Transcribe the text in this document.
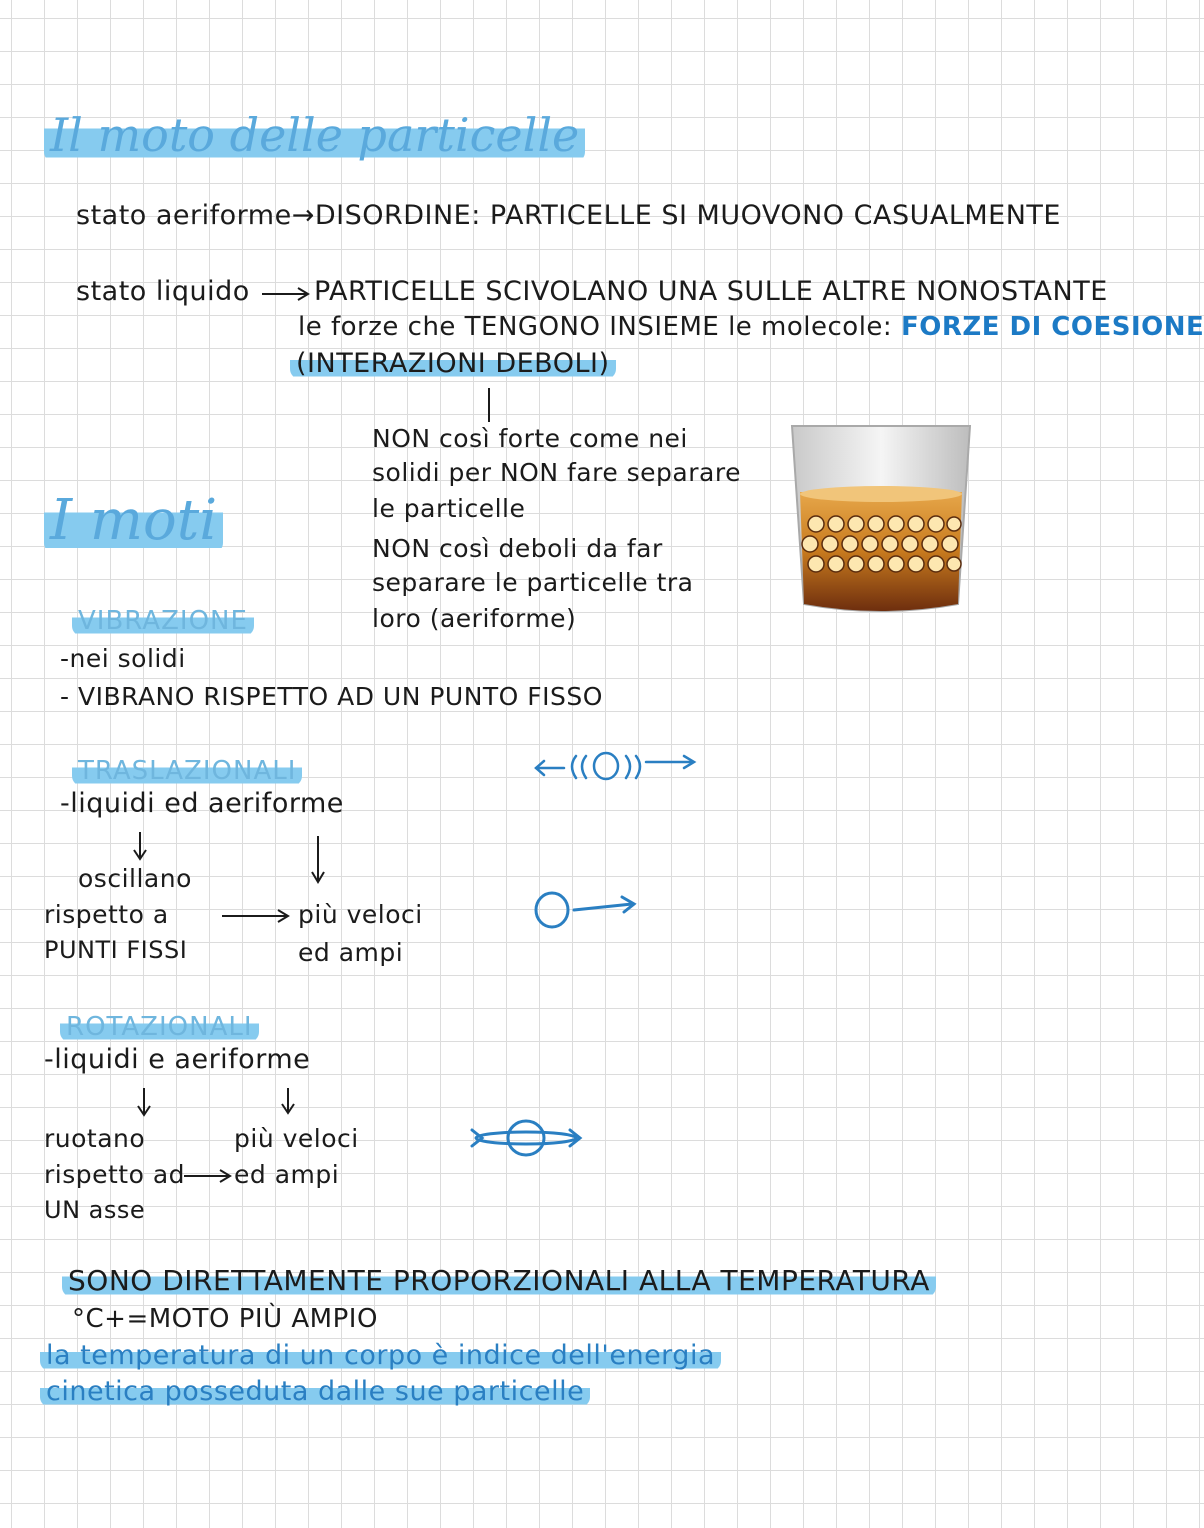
Il moto delle particelle
stato aeriforme→DISORDINE: PARTICELLE SI MUOVONO CASUALMENTE
stato liquido PARTICELLE SCIVOLANO UNA SULLE ALTRE NONOSTANTE
le forze che TENGONO INSIEME le molecole: FORZE DI COESIONE
(INTERAZIONI DEBOLI)
NON così forte come nei
solidi per NON fare separare
le particelle
NON così deboli da far
separare le particelle tra
loro (aeriforme)
I moti
VIBRAZIONE
-nei solidi
- VIBRANO RISPETTO AD UN PUNTO FISSO
TRASLAZIONALI
-liquidi ed aeriforme
oscillano
rispetto a
PUNTI FISSI
più veloci
ed ampi
ROTAZIONALI
-liquidi e aeriforme
ruotano
rispetto ad
UN asse
più veloci
ed ampi
SONO DIRETTAMENTE PROPORZIONALI ALLA TEMPERATURA
°C+=MOTO PIÙ AMPIO
la temperatura di un corpo è indice dell'energia
cinetica posseduta dalle sue particelle
